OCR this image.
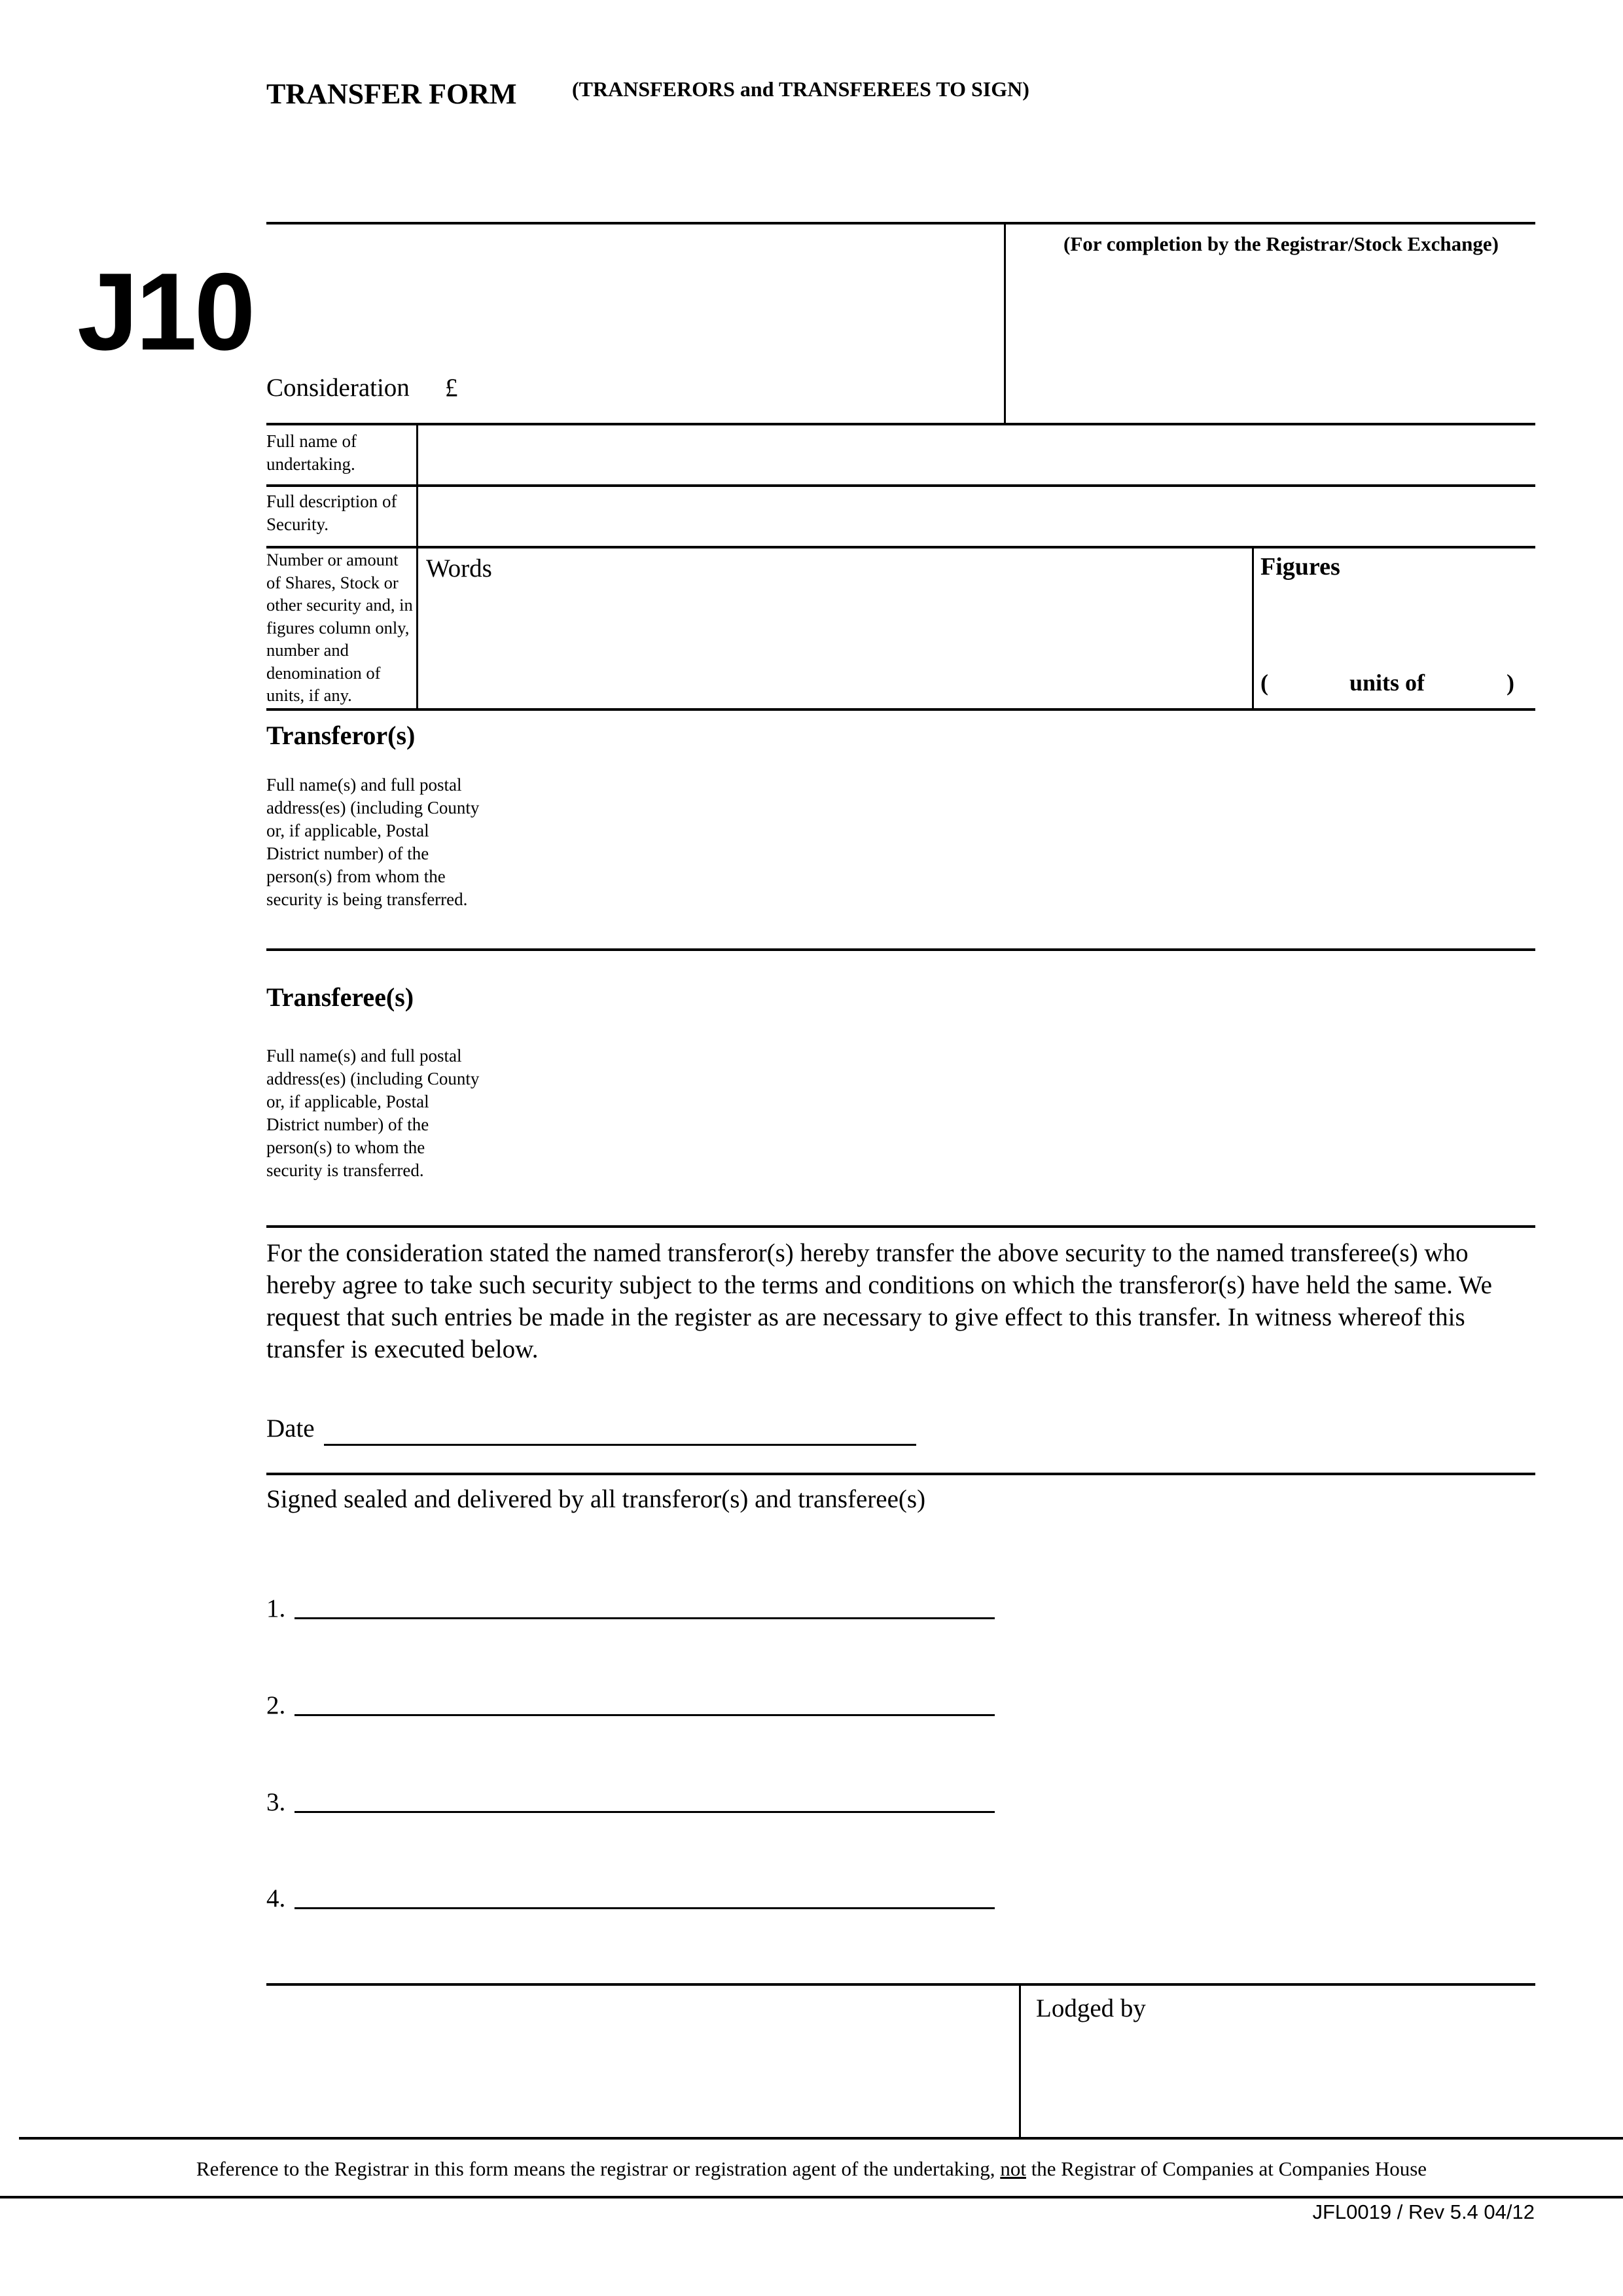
TRANSFER FORM	(TRANSFERORS and TRANSFEREES TO SIGN)
J10
(For completion by the Registrar/Stock Exchange)
Consideration £
Full name of undertaking.
Full description of Security.
Number or amount of Shares, Stock or other security and, in figures column only, number and denomination of units, if any.
Words	Figures
(	units of	)
Transferor(s)
Full name(s) and full postal address(es) (including County or, if applicable, Postal District number) of the person(s) from whom the security is being transferred.
Transferee(s)
Full name(s) and full postal address(es) (including County or, if applicable, Postal District number) of the person(s) to whom the security is transferred.
For the consideration stated the named transferor(s) hereby transfer the above security to the named transferee(s) who hereby agree to take such security subject to the terms and conditions on which the transferor(s) have held the same. We request that such entries be made in the register as are necessary to give effect to this transfer. In witness whereof this transfer is executed below.
Date
Signed sealed and delivered by all transferor(s) and transferee(s)
1.
2.
3.
4.
Lodged by
Reference to the Registrar in this form means the registrar or registration agent of the undertaking, not the Registrar of Companies at Companies House
JFL0019 / Rev 5.4 04/12
